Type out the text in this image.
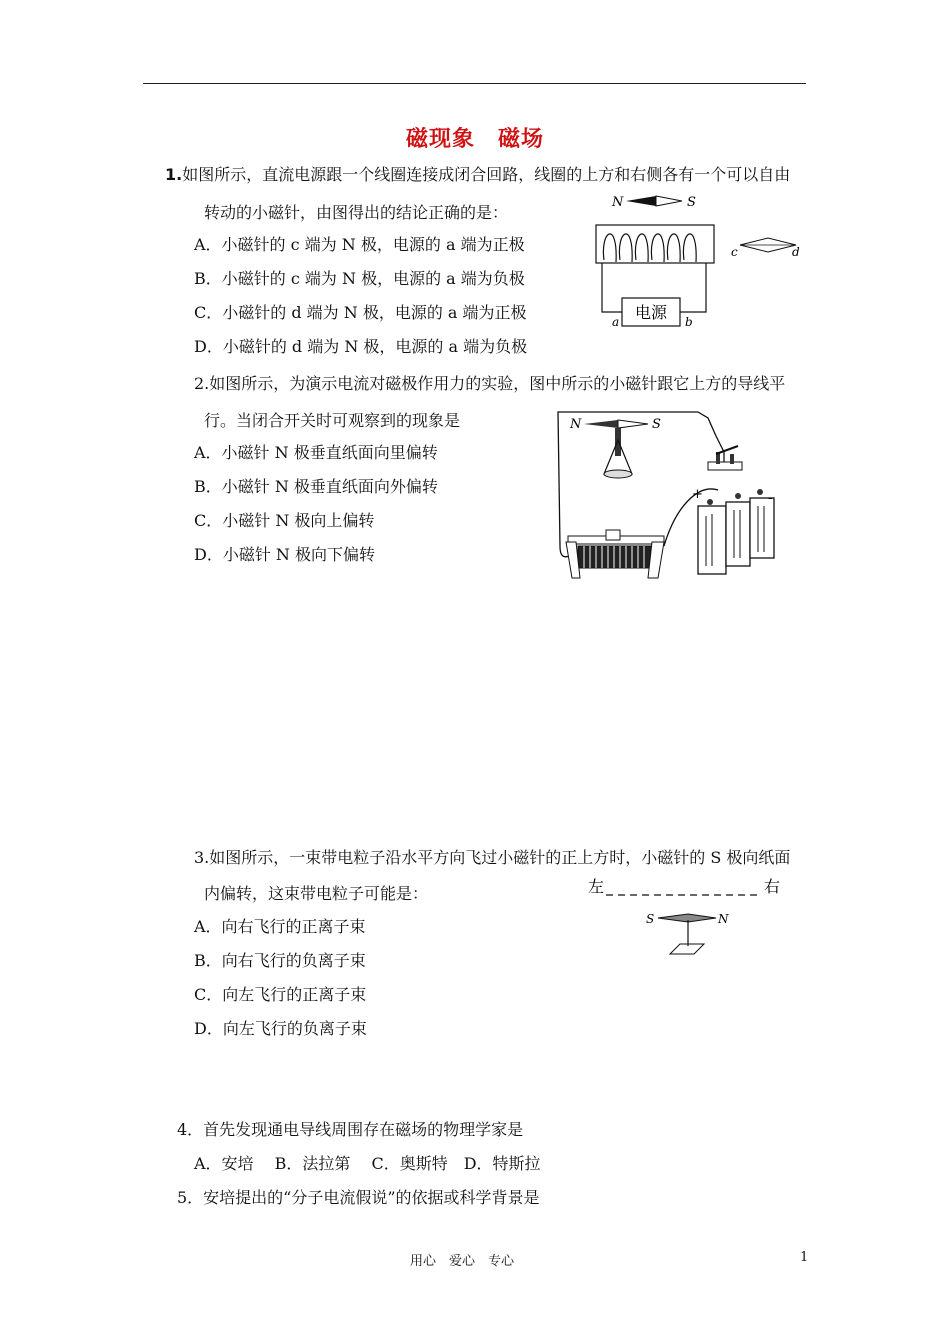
磁现象　磁场
1.如图所示，直流电源跟一个线圈连接成闭合回路，线圈的上方和右侧各有一个可以自由
转动的小磁针，由图得出的结论正确的是：
A．小磁针的 c 端为 N 极，电源的 a 端为正极
B．小磁针的 c 端为 N 极，电源的 a 端为负极
C．小磁针的 d 端为 N 极，电源的 a 端为正极
D．小磁针的 d 端为 N 极，电源的 a 端为负极
N	S
电源
a	b
c	d
2.如图所示，为演示电流对磁极作用力的实验，图中所示的小磁针跟它上方的导线平
行。当闭合开关时可观察到的现象是
A．小磁针 N 极垂直纸面向里偏转
B．小磁针 N 极垂直纸面向外偏转
C．小磁针 N 极向上偏转
D．小磁针 N 极向下偏转
N	S
+	-
3.如图所示，一束带电粒子沿水平方向飞过小磁针的正上方时，小磁针的 S 极向纸面
内偏转，这束带电粒子可能是：
A．向右飞行的正离子束
B．向右飞行的负离子束
C．向左飞行的正离子束
D．向左飞行的负离子束
左	右
S	N
4．首先发现通电导线周围存在磁场的物理学家是
A．安培　 B．法拉第　 C．奥斯特　D．特斯拉
5．安培提出的“分子电流假说”的依据或科学背景是
用心　爱心　专心	1
